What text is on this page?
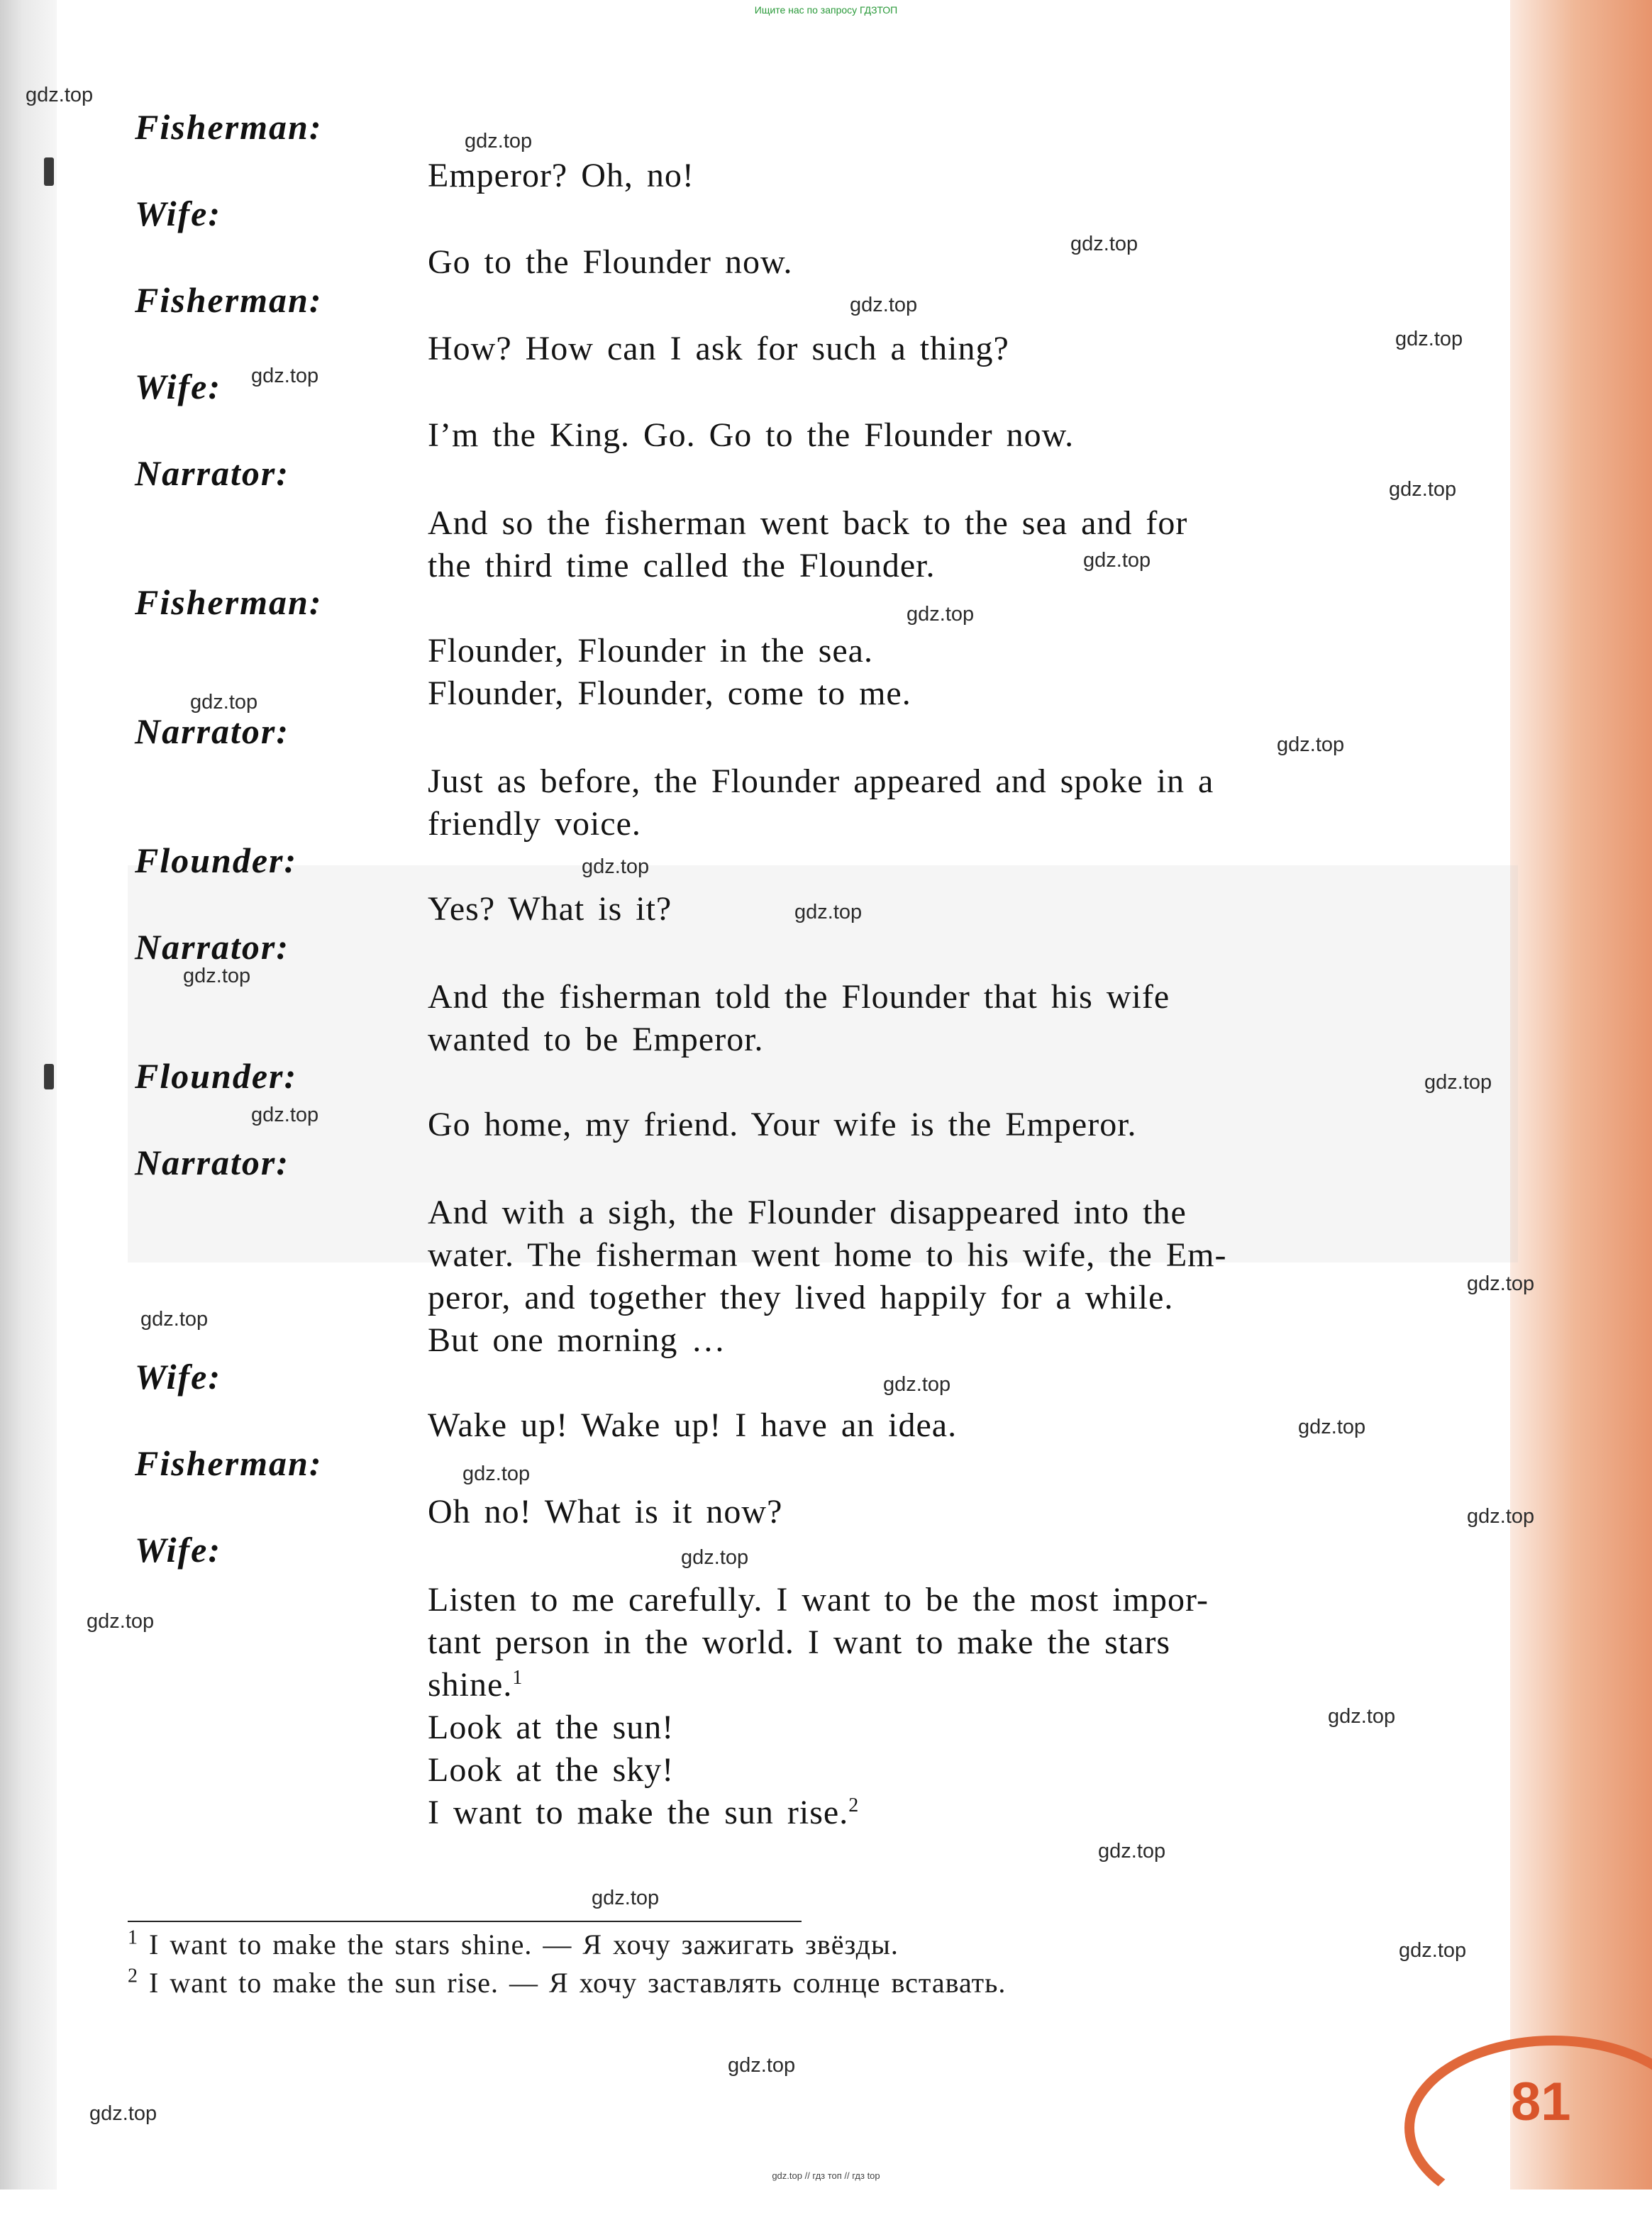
Ищите нас по запросу ГДЗТОП
Fisherman:
Emperor? Oh, no!
Wife:
Go to the Flounder now.
Fisherman:
How? How can I ask for such a thing?
Wife:
I’m the King. Go. Go to the Flounder now.
Narrator:
And so the fisherman went back to the sea and for
the third time called the Flounder.
Fisherman:
Flounder, Flounder in the sea.
Flounder, Flounder, come to me.
Narrator:
Just as before, the Flounder appeared and spoke in a
friendly voice.
Flounder:
Yes? What is it?
Narrator:
And the fisherman told the Flounder that his wife
wanted to be Emperor.
Flounder:
Go home, my friend. Your wife is the Emperor.
Narrator:
And with a sigh, the Flounder disappeared into the
water. The fisherman went home to his wife, the Em-
peror, and together they lived happily for a while.
But one morning …
Wife:
Wake up! Wake up! I have an idea.
Fisherman:
Oh no! What is it now?
Wife:
Listen to me carefully. I want to be the most impor-
tant person in the world. I want to make the stars
shine.$^1$
Look at the sun!
Look at the sky!
I want to make the sun rise.$^2$
$^1$ I want to make the stars shine. — Я хочу зажигать звёзды.
$^2$ I want to make the sun rise. — Я хочу заставлять солнце вставать.
81
gdz.top
gdz.top
gdz.top
gdz.top
gdz.top
gdz.top
gdz.top
gdz.top
gdz.top
gdz.top
gdz.top
gdz.top
gdz.top
gdz.top
gdz.top
gdz.top
gdz.top
gdz.top
gdz.top
gdz.top
gdz.top
gdz.top
gdz.top
gdz.top
gdz.top
gdz.top
gdz.top
gdz.top
gdz.top
gdz.top
gdz.top // гдз топ // гдз top
